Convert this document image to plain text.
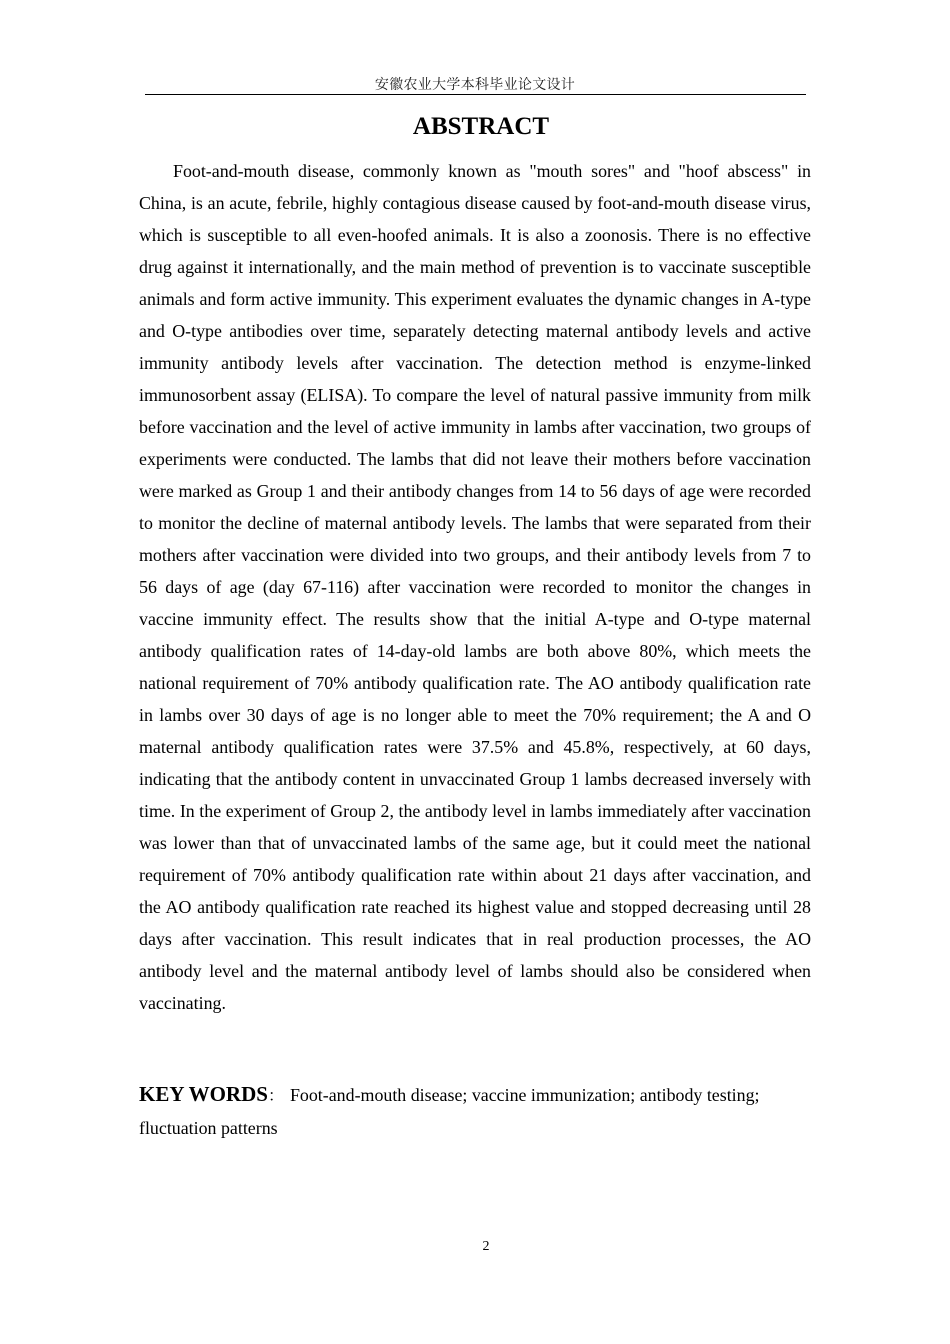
安徽农业大学本科毕业论文设计
ABSTRACT

Foot-and-mouth disease, commonly known as "mouth sores" and "hoof abscess" in China, is an acute, febrile, highly contagious disease caused by foot-and-mouth disease virus, which is susceptible to all even-hoofed animals. It is also a zoonosis. There is no effective drug against it internationally, and the main method of prevention is to vaccinate susceptible animals and form active immunity. This experiment evaluates the dynamic changes in A-type and O-type antibodies over time, separately detecting maternal antibody levels and active immunity antibody levels after vaccination. The detection method is enzyme-linked immunosorbent assay (ELISA). To compare the level of natural passive immunity from milk before vaccination and the level of active immunity in lambs after vaccination, two groups of experiments were conducted. The lambs that did not leave their mothers before vaccination were marked as Group 1 and their antibody changes from 14 to 56 days of age were recorded to monitor the decline of maternal antibody levels. The lambs that were separated from their mothers after vaccination were divided into two groups, and their antibody levels from 7 to 56 days of age (day 67-116) after vaccination were recorded to monitor the changes in vaccine immunity effect. The results show that the initial A-type and O-type maternal antibody qualification rates of 14-day-old lambs are both above 80%, which meets the national requirement of 70% antibody qualification rate. The AO antibody qualification rate in lambs over 30 days of age is no longer able to meet the 70% requirement; the A and O maternal antibody qualification rates were 37.5% and 45.8%, respectively, at 60 days, indicating that the antibody content in unvaccinated Group 1 lambs decreased inversely with time. In the experiment of Group 2, the antibody level in lambs immediately after vaccination was lower than that of unvaccinated lambs of the same age, but it could meet the national requirement of 70% antibody qualification rate within about 21 days after vaccination, and the AO antibody qualification rate reached its highest value and stopped decreasing until 28 days after vaccination. This result indicates that in real production processes, the AO antibody level and the maternal antibody level of lambs should also be considered when vaccinating.

KEY WORDS： Foot-and-mouth disease; vaccine immunization; antibody testing; fluctuation patterns

2
